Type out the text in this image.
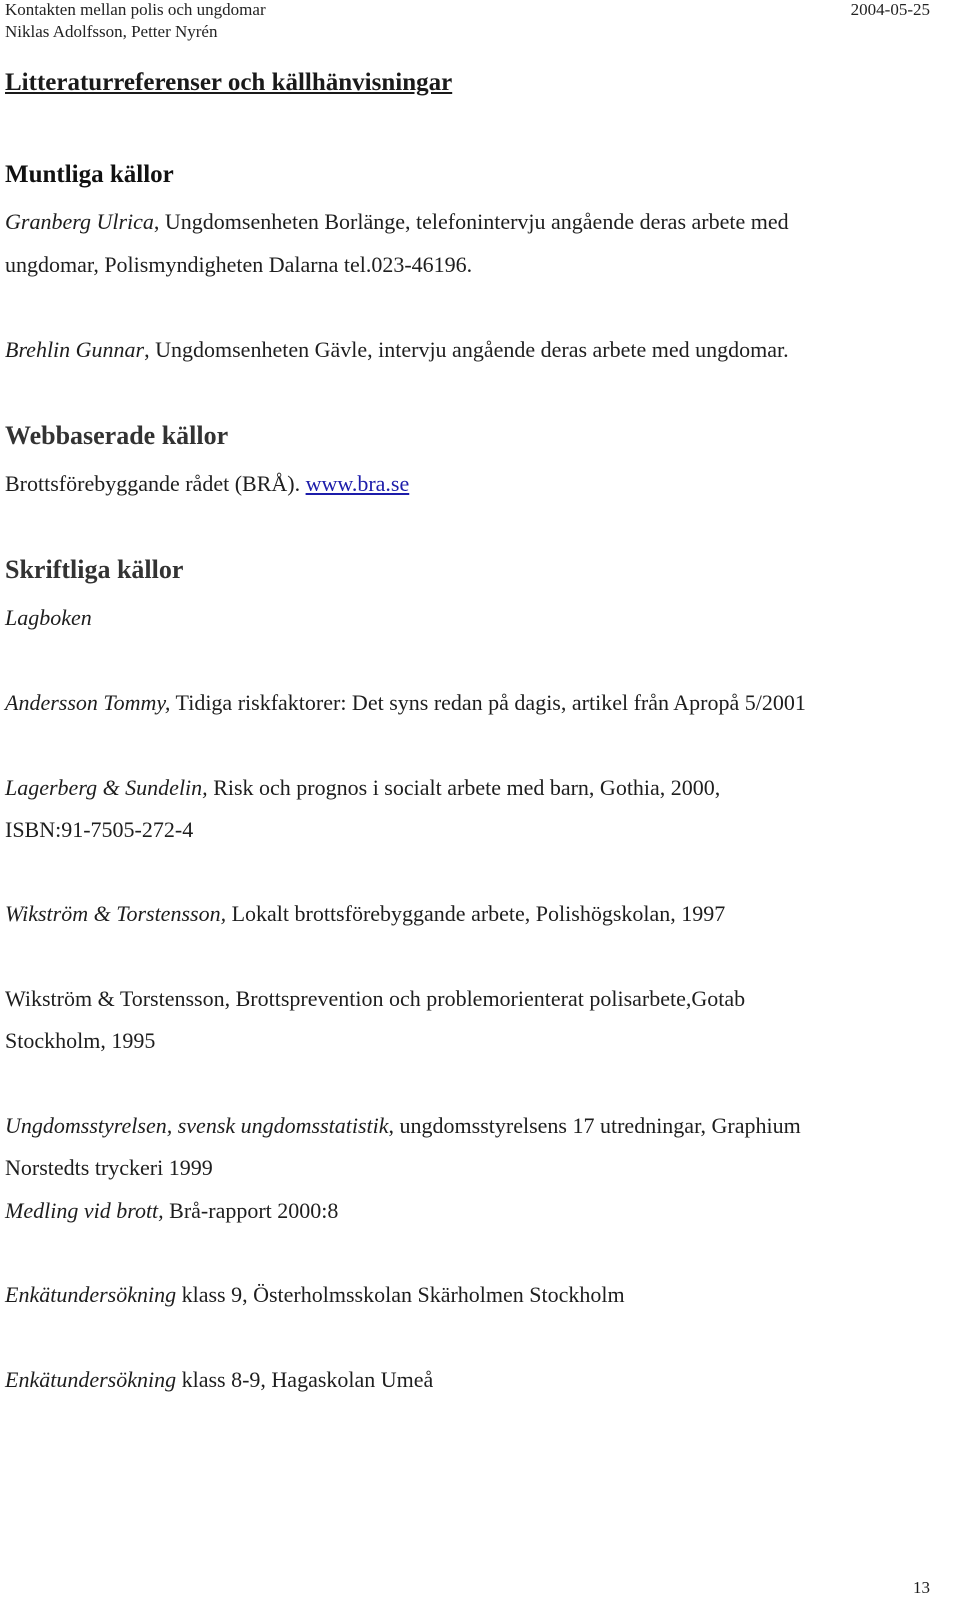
Kontakten mellan polis och ungdomar
Niklas Adolfsson, Petter Nyrén
2004-05-25
Litteraturreferenser och källhänvisningar
Muntliga källor
Granberg Ulrica, Ungdomsenheten Borlänge, telefonintervju angående deras arbete med
ungdomar, Polismyndigheten Dalarna tel.023-46196.
Brehlin Gunnar, Ungdomsenheten Gävle, intervju angående deras arbete med ungdomar.
Webbaserade källor
Brottsförebyggande rådet (BRÅ). www.bra.se
Skriftliga källor
Lagboken
Andersson Tommy, Tidiga riskfaktorer: Det syns redan på dagis, artikel från Apropå 5/2001
Lagerberg & Sundelin, Risk och prognos i socialt arbete med barn, Gothia, 2000,
ISBN:91-7505-272-4
Wikström & Torstensson, Lokalt brottsförebyggande arbete, Polishögskolan, 1997
Wikström & Torstensson, Brottsprevention och problemorienterat polisarbete,Gotab
Stockholm, 1995
Ungdomsstyrelsen, svensk ungdomsstatistik, ungdomsstyrelsens 17 utredningar, Graphium
Norstedts tryckeri 1999
Medling vid brott, Brå-rapport 2000:8
Enkätundersökning klass 9, Österholmsskolan Skärholmen Stockholm
Enkätundersökning klass 8-9, Hagaskolan Umeå
13
